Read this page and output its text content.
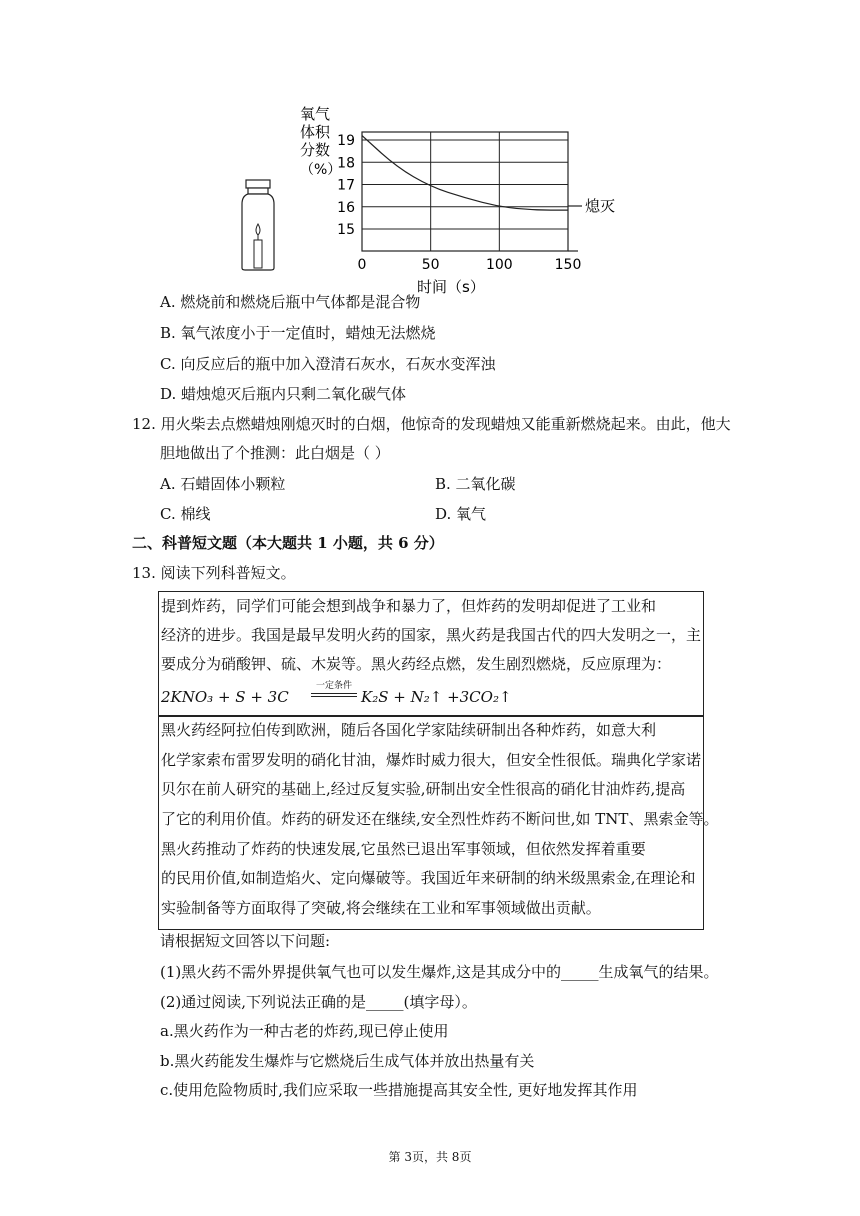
氧气
体积
分数
（%）
0	50	100	150
15
16
17
18
19
熄灭
时间（s）
A. 燃烧前和燃烧后瓶中气体都是混合物
B. 氧气浓度小于一定值时，蜡烛无法燃烧
C. 向反应后的瓶中加入澄清石灰水，石灰水变浑浊
D. 蜡烛熄灭后瓶内只剩二氧化碳气体
12. 用火柴去点燃蜡烛刚熄灭时的白烟，他惊奇的发现蜡烛又能重新燃烧起来。由此，他大
胆地做出了个推测：此白烟是（ ）
A. 石蜡固体小颗粒	B. 二氧化碳
C. 棉线	D. 氧气
二、科普短文题（本大题共 1 小题，共 6 分）
13. 阅读下列科普短文。
提到炸药，同学们可能会想到战争和暴力了，但炸药的发明却促进了工业和
经济的进步。我国是最早发明火药的国家，黑火药是我国古代的四大发明之一，主
要成分为硝酸钾、硫、木炭等。黑火药经点燃，发生剧烈燃烧，反应原理为：
2KNO₃ + S + 3C
一定条件
K₂S + N₂↑ +3CO₂↑
黑火药经阿拉伯传到欧洲，随后各国化学家陆续研制出各种炸药，如意大利
化学家索布雷罗发明的硝化甘油，爆炸时威力很大，但安全性很低。瑞典化学家诺
贝尔在前人研究的基础上,经过反复实验,研制出安全性很高的硝化甘油炸药,提高
了它的利用价值。炸药的研发还在继续,安全烈性炸药不断问世,如 TNT、黑索金等。
黑火药推动了炸药的快速发展,它虽然已退出军事领域，但依然发挥着重要
的民用价值,如制造焰火、定向爆破等。我国近年来研制的纳米级黑索金,在理论和
实验制备等方面取得了突破,将会继续在工业和军事领域做出贡献。
请根据短文回答以下问题:
(1)黑火药不需外界提供氧气也可以发生爆炸,这是其成分中的_____生成氧气的结果。
(2)通过阅读,下列说法正确的是_____(填字母）。
a.黑火药作为一种古老的炸药,现已停止使用
b.黑火药能发生爆炸与它燃烧后生成气体并放出热量有关
c.使用危险物质时,我们应采取一些措施提高其安全性, 更好地发挥其作用
第 3页，共 8页
